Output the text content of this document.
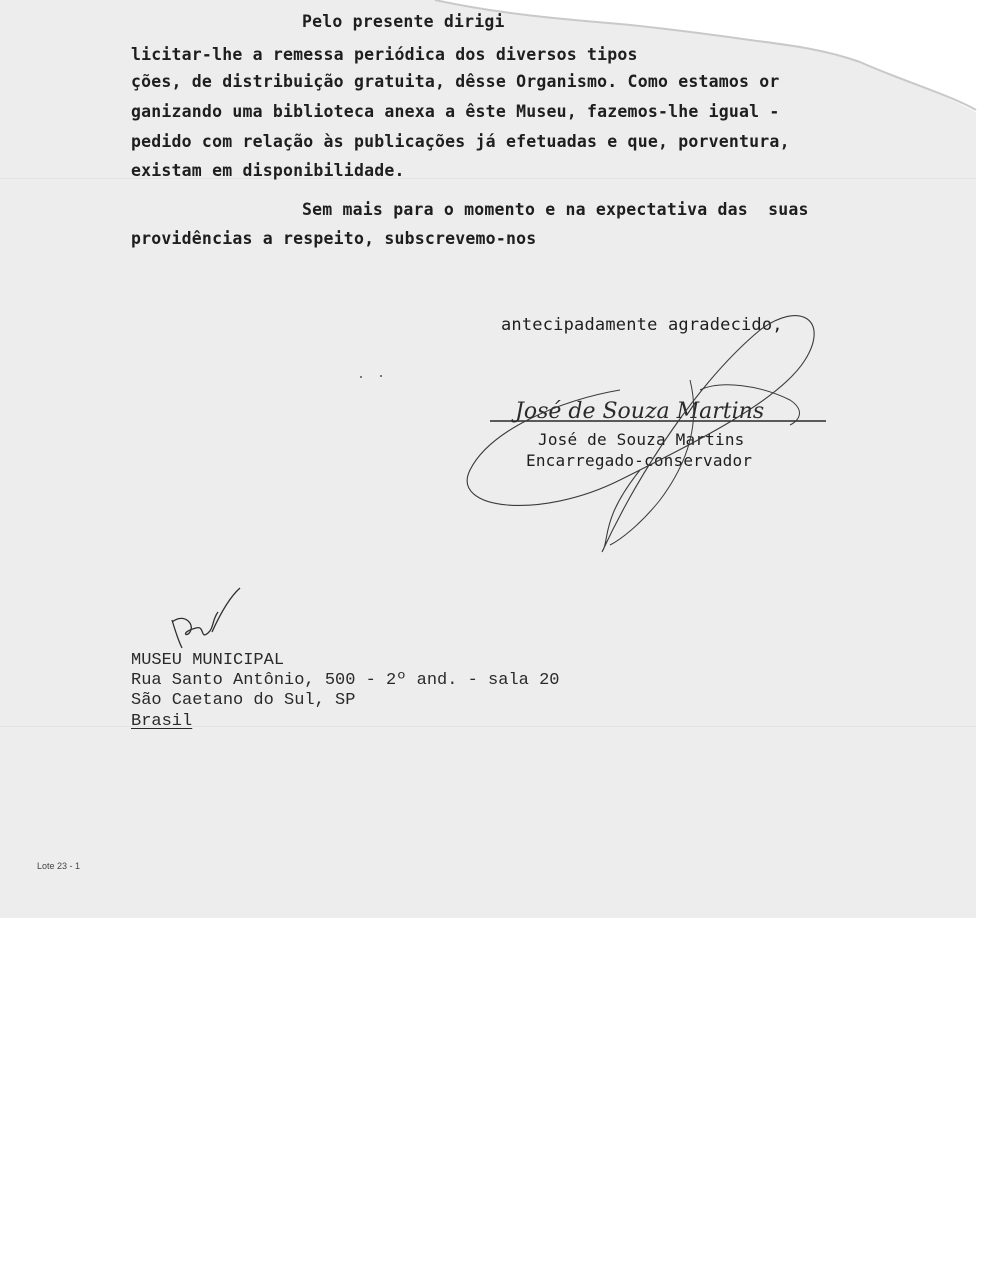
Pelo presente dirigi
licitar-lhe a remessa periódica dos diversos tipos
ções, de distribuição gratuita, dêsse Organismo. Como estamos or
ganizando uma biblioteca anexa a êste Museu, fazemos-lhe igual -
pedido com relação às publicações já efetuadas e que, porventura,
existam em disponibilidade.
Sem mais para o momento e na expectativa das  suas
providências a respeito, subscrevemo-nos
antecipadamente agradecido,
José de Souza Martins
Encarregado-conservador
MUSEU MUNICIPAL
Rua Santo Antônio, 500 - 2º and. - sala 20
São Caetano do Sul, SP
Brasil
Lote 23 - 1
José de Souza Martins
